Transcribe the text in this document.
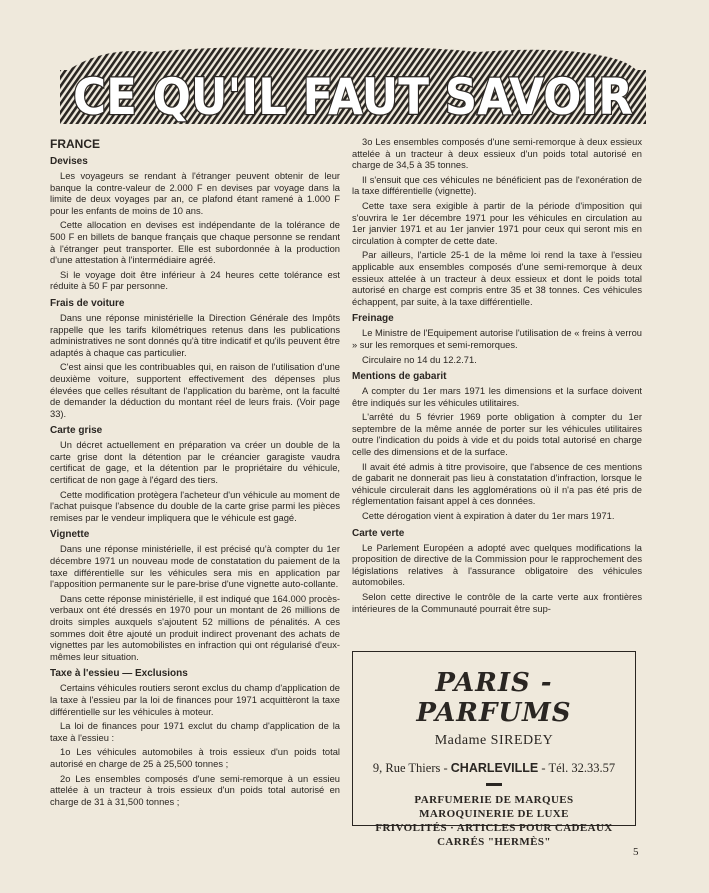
CE QU'IL FAUT SAVOIR
FRANCE
Devises

Les voyageurs se rendant à l'étranger peuvent obtenir de leur banque la contre-valeur de 2.000 F en devises par voyage dans la limite de deux voyages par an, ce plafond étant ramené à 1.000 F pour les enfants de moins de 10 ans.

Cette allocation en devises est indépendante de la tolérance de 500 F en billets de banque français que chaque personne se rendant à l'étranger peut transporter. Elle est subordonnée à la production d'une attestation à l'intermédiaire agréé.

Si le voyage doit être inférieur à 24 heures cette tolérance est réduite à 50 F par personne.

Frais de voiture

Dans une réponse ministérielle la Direction Générale des Impôts rappelle que les tarifs kilométriques retenus dans les publications administratives ne sont donnés qu'à titre indicatif et qu'ils peuvent être adaptés à chaque cas particulier.

C'est ainsi que les contribuables qui, en raison de l'utilisation d'une deuxième voiture, supportent effectivement des dépenses plus élevées que celles résultant de l'application du barème, ont la faculté de demander la déduction du montant réel de leurs frais. (Voir page 33).

Carte grise

Un décret actuellement en préparation va créer un double de la carte grise dont la détention par le créancier garagiste vaudra certificat de gage, et la détention par le propriétaire du véhicule, certificat de non gage à l'égard des tiers.

Cette modification protègera l'acheteur d'un véhicule au moment de l'achat puisque l'absence du double de la carte grise parmi les pièces remises par le vendeur impliquera que le véhicule est gagé.

Vignette

Dans une réponse ministérielle, il est précisé qu'à compter du 1er décembre 1971 un nouveau mode de constatation du paiement de la taxe différentielle sur les véhicules sera mis en application par l'apposition permanente sur le pare-brise d'une vignette auto-collante.

Dans cette réponse ministérielle, il est indiqué que 164.000 procès-verbaux ont été dressés en 1970 pour un montant de 26 millions de droits simples auxquels s'ajoutent 52 millions de pénalités. A ces sommes doit être ajouté un produit indirect provenant des achats de vignettes par les automobilistes en infraction qui ont régularisé d'eux-mêmes leur situation.

Taxe à l'essieu — Exclusions

Certains véhicules routiers seront exclus du champ d'application de la taxe à l'essieu par la loi de finances pour 1971 acquittèront la taxe différentielle sur les véhicules à moteur.

La loi de finances pour 1971 exclut du champ d'application de la taxe à l'essieu :

1o Les véhicules automobiles à trois essieux d'un poids total autorisé en charge de 25 à 25,500 tonnes ;

2o Les ensembles composés d'une semi-remorque à un essieu attelée à un tracteur à trois essieux d'un poids total autorisé en charge de 31 à 31,500 tonnes ;

3o Les ensembles composés d'une semi-remorque à deux essieux attelée à un tracteur à deux essieux d'un poids total autorisé en charge de 34,5 à 35 tonnes.

Il s'ensuit que ces véhicules ne bénéficient pas de l'exonération de la taxe différentielle (vignette).

Cette taxe sera exigible à partir de la période d'imposition qui s'ouvrira le 1er décembre 1971 pour les véhicules en circulation au 1er janvier 1971 et au 1er janvier 1971 pour ceux qui seront mis en circulation à compter de cette date.

Par ailleurs, l'article 25-1 de la même loi rend la taxe à l'essieu applicable aux ensembles composés d'une semi-remorque à deux essieux attelée à un tracteur à deux essieux et dont le poids total autorisé en charge est compris entre 35 et 38 tonnes. Ces véhicules échappent, par suite, à la taxe différentielle.

Freinage

Le Ministre de l'Equipement autorise l'utilisation de « freins à verrou » sur les remorques et semi-remorques.

Circulaire no 14 du 12.2.71.

Mentions de gabarit

A compter du 1er mars 1971 les dimensions et la surface doivent être indiqués sur les véhicules utilitaires.

L'arrêté du 5 février 1969 porte obligation à compter du 1er septembre de la même année de porter sur les véhicules utilitaires outre l'indication du poids à vide et du poids total autorisé en charge celle des dimensions et de la surface.

Il avait été admis à titre provisoire, que l'absence de ces mentions de gabarit ne donnerait pas lieu à constatation d'infraction, lorsque le véhicule circulerait dans les agglomérations où il n'a pas été pris de réglementation faisant appel à ces données.

Cette dérogation vient à expiration à dater du 1er mars 1971.

Carte verte

Le Parlement Européen a adopté avec quelques modifications la proposition de directive de la Commission pour le rapprochement des législations relatives à l'assurance obligatoire des véhicules automobiles.

Selon cette directive le contrôle de la carte verte aux frontières intérieures de la Communauté pourrait être sup-

PARIS - PARFUMS
Madame SIREDEY
9, Rue Thiers - CHARLEVILLE - Tél. 32.33.57
PARFUMERIE DE MARQUES
MAROQUINERIE DE LUXE
FRIVOLITÉS · ARTICLES POUR CADEAUX
CARRÉS "HERMÈS"
5
